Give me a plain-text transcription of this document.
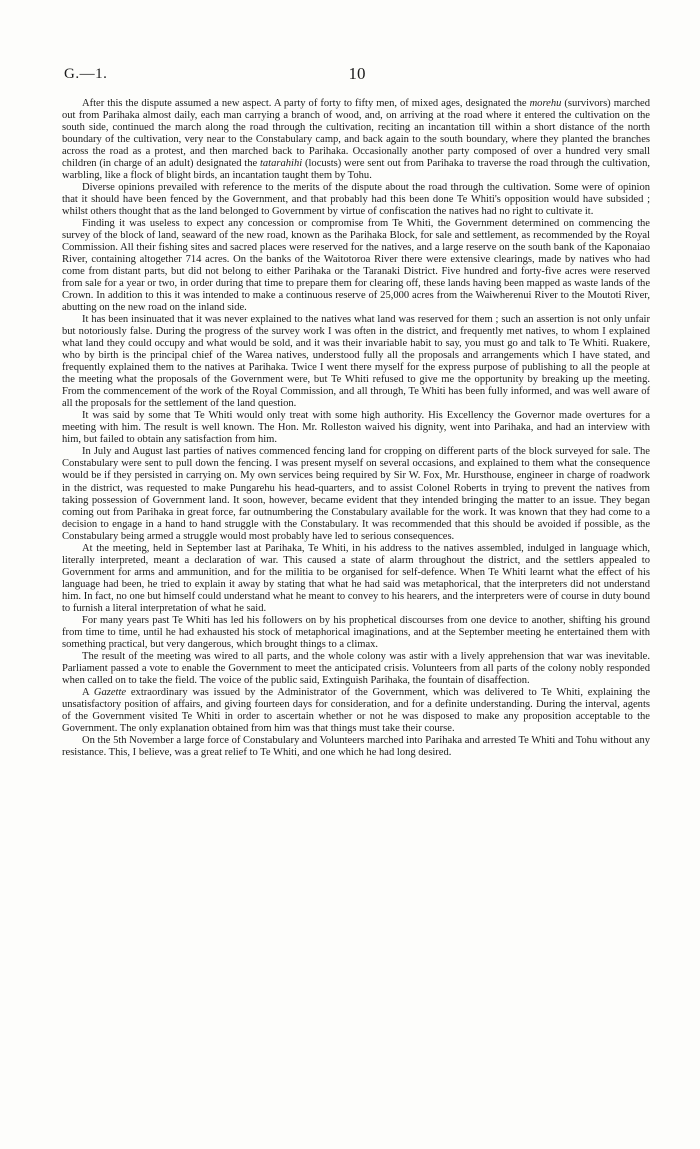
G.—1.	10

After this the dispute assumed a new aspect. A party of forty to fifty men, of mixed ages, designated the morehu (survivors) marched out from Parihaka almost daily, each man carrying a branch of wood, and, on arriving at the road where it entered the cultivation on the south side, continued the march along the road through the cultivation, reciting an incantation till within a short distance of the north boundary of the cultivation, very near to the Constabulary camp, and back again to the south boundary, where they planted the branches across the road as a protest, and then marched back to Parihaka. Occasionally another party composed of over a hundred very small children (in charge of an adult) designated the tatarahihi (locusts) were sent out from Parihaka to traverse the road through the cultivation, warbling, like a flock of blight birds, an incantation taught them by Tohu.

Diverse opinions prevailed with reference to the merits of the dispute about the road through the cultivation. Some were of opinion that it should have been fenced by the Government, and that probably had this been done Te Whiti's opposition would have subsided ; whilst others thought that as the land belonged to Government by virtue of confiscation the natives had no right to cultivate it.

Finding it was useless to expect any concession or compromise from Te Whiti, the Government determined on commencing the survey of the block of land, seaward of the new road, known as the Parihaka Block, for sale and settlement, as recommended by the Royal Commission. All their fishing sites and sacred places were reserved for the natives, and a large reserve on the south bank of the Kaponaiao River, containing altogether 714 acres. On the banks of the Waitotoroa River there were extensive clearings, made by natives who had come from distant parts, but did not belong to either Parihaka or the Taranaki District. Five hundred and forty-five acres were reserved from sale for a year or two, in order during that time to prepare them for clearing off, these lands having been mapped as waste lands of the Crown. In addition to this it was intended to make a continuous reserve of 25,000 acres from the Waiwherenui River to the Moutoti River, abutting on the new road on the inland side.

It has been insinuated that it was never explained to the natives what land was reserved for them ; such an assertion is not only unfair but notoriously false. During the progress of the survey work I was often in the district, and frequently met natives, to whom I explained what land they could occupy and what would be sold, and it was their invariable habit to say, you must go and talk to Te Whiti. Ruakere, who by birth is the principal chief of the Warea natives, understood fully all the proposals and arrangements which I have stated, and frequently explained them to the natives at Parihaka. Twice I went there myself for the express purpose of publishing to all the people at the meeting what the proposals of the Government were, but Te Whiti refused to give me the opportunity by breaking up the meeting. From the commencement of the work of the Royal Commission, and all through, Te Whiti has been fully informed, and was well aware of all the proposals for the settlement of the land question.

It was said by some that Te Whiti would only treat with some high authority. His Excellency the Governor made overtures for a meeting with him. The result is well known. The Hon. Mr. Rolleston waived his dignity, went into Parihaka, and had an interview with him, but failed to obtain any satisfaction from him.

In July and August last parties of natives commenced fencing land for cropping on different parts of the block surveyed for sale. The Constabulary were sent to pull down the fencing. I was present myself on several occasions, and explained to them what the consequence would be if they persisted in carrying on. My own services being required by Sir W. Fox, Mr. Hursthouse, engineer in charge of roadwork in the district, was requested to make Pungarehu his head-quarters, and to assist Colonel Roberts in trying to prevent the natives from taking possession of Government land. It soon, however, became evident that they intended bringing the matter to an issue. They began coming out from Parihaka in great force, far outnumbering the Constabulary available for the work. It was known that they had come to a decision to engage in a hand to hand struggle with the Constabulary. It was recommended that this should be avoided if possible, as the Constabulary being armed a struggle would most probably have led to serious consequences.

At the meeting, held in September last at Parihaka, Te Whiti, in his address to the natives assembled, indulged in language which, literally interpreted, meant a declaration of war. This caused a state of alarm throughout the district, and the settlers appealed to Government for arms and ammunition, and for the militia to be organised for self-defence. When Te Whiti learnt what the effect of his language had been, he tried to explain it away by stating that what he had said was metaphorical, that the interpreters did not understand him. In fact, no one but himself could understand what he meant to convey to his hearers, and the interpreters were of course in duty bound to furnish a literal interpretation of what he said.

For many years past Te Whiti has led his followers on by his prophetical discourses from one device to another, shifting his ground from time to time, until he had exhausted his stock of metaphorical imaginations, and at the September meeting he entertained them with something practical, but very dangerous, which brought things to a climax.

The result of the meeting was wired to all parts, and the whole colony was astir with a lively apprehension that war was inevitable. Parliament passed a vote to enable the Government to meet the anticipated crisis. Volunteers from all parts of the colony nobly responded when called on to take the field. The voice of the public said, Extinguish Parihaka, the fountain of disaffection.

A Gazette extraordinary was issued by the Administrator of the Government, which was delivered to Te Whiti, explaining the unsatisfactory position of affairs, and giving fourteen days for consideration, and for a definite understanding. During the interval, agents of the Government visited Te Whiti in order to ascertain whether or not he was disposed to make any proposition acceptable to the Government. The only explanation obtained from him was that things must take their course.

On the 5th November a large force of Constabulary and Volunteers marched into Parihaka and arrested Te Whiti and Tohu without any resistance. This, I believe, was a great relief to Te Whiti, and one which he had long desired.
